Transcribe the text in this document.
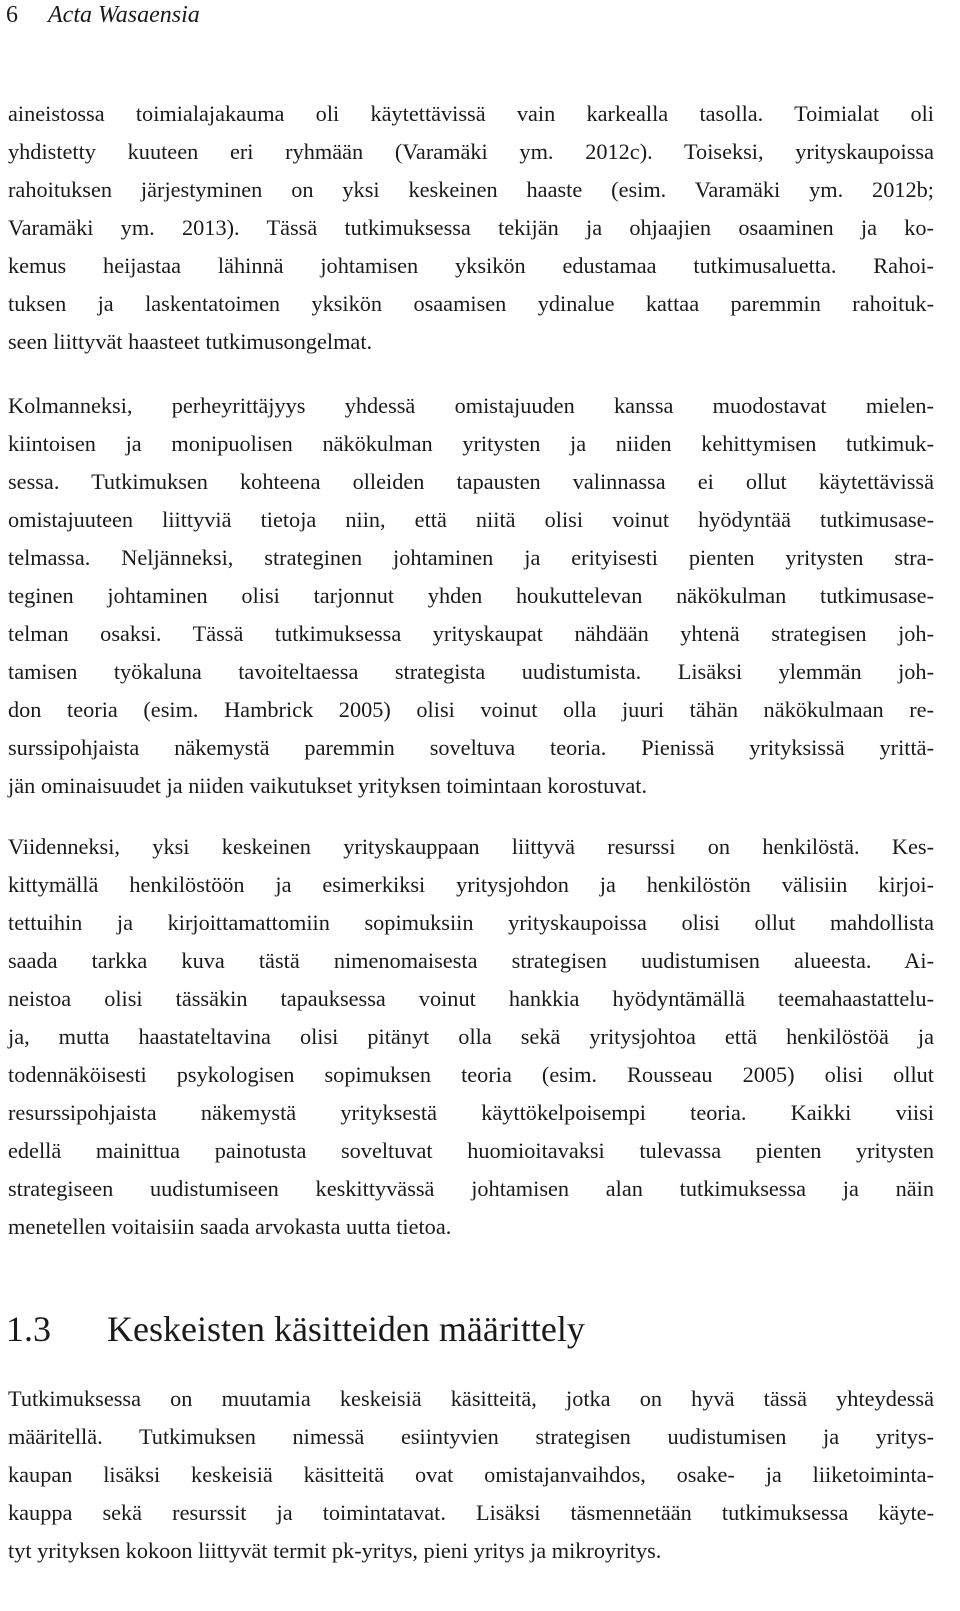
6 Acta Wasaensia
aineistossa toimialajakauma oli käytettävissä vain karkealla tasolla. Toimialat oli
yhdistetty kuuteen eri ryhmään (Varamäki ym. 2012c). Toiseksi, yrityskaupoissa
rahoituksen järjestyminen on yksi keskeinen haaste (esim. Varamäki ym. 2012b;
Varamäki ym. 2013). Tässä tutkimuksessa tekijän ja ohjaajien osaaminen ja ko-
kemus heijastaa lähinnä johtamisen yksikön edustamaa tutkimusaluetta. Rahoi-
tuksen ja laskentatoimen yksikön osaamisen ydinalue kattaa paremmin rahoituk-
seen liittyvät haasteet tutkimusongelmat.
Kolmanneksi, perheyrittäjyys yhdessä omistajuuden kanssa muodostavat mielen-
kiintoisen ja monipuolisen näkökulman yritysten ja niiden kehittymisen tutkimuk-
sessa. Tutkimuksen kohteena olleiden tapausten valinnassa ei ollut käytettävissä
omistajuuteen liittyviä tietoja niin, että niitä olisi voinut hyödyntää tutkimusase-
telmassa. Neljänneksi, strateginen johtaminen ja erityisesti pienten yritysten stra-
teginen johtaminen olisi tarjonnut yhden houkuttelevan näkökulman tutkimusase-
telman osaksi. Tässä tutkimuksessa yrityskaupat nähdään yhtenä strategisen joh-
tamisen työkaluna tavoiteltaessa strategista uudistumista. Lisäksi ylemmän joh-
don teoria (esim. Hambrick 2005) olisi voinut olla juuri tähän näkökulmaan re-
surssipohjaista näkemystä paremmin soveltuva teoria. Pienissä yrityksissä yrittä-
jän ominaisuudet ja niiden vaikutukset yrityksen toimintaan korostuvat.
Viidenneksi, yksi keskeinen yrityskauppaan liittyvä resurssi on henkilöstä. Kes-
kittymällä henkilöstöön ja esimerkiksi yritysjohdon ja henkilöstön välisiin kirjoi-
tettuihin ja kirjoittamattomiin sopimuksiin yrityskaupoissa olisi ollut mahdollista
saada tarkka kuva tästä nimenomaisesta strategisen uudistumisen alueesta. Ai-
neistoa olisi tässäkin tapauksessa voinut hankkia hyödyntämällä teemahaastattelu-
ja, mutta haastateltavina olisi pitänyt olla sekä yritysjohtoa että henkilöstöä ja
todennäköisesti psykologisen sopimuksen teoria (esim. Rousseau 2005) olisi ollut
resurssipohjaista näkemystä yrityksestä käyttökelpoisempi teoria. Kaikki viisi
edellä mainittua painotusta soveltuvat huomioitavaksi tulevassa pienten yritysten
strategiseen uudistumiseen keskittyvässä johtamisen alan tutkimuksessa ja näin
menetellen voitaisiin saada arvokasta uutta tietoa.
1.3 Keskeisten käsitteiden määrittely
Tutkimuksessa on muutamia keskeisiä käsitteitä, jotka on hyvä tässä yhteydessä
määritellä. Tutkimuksen nimessä esiintyvien strategisen uudistumisen ja yritys-
kaupan lisäksi keskeisiä käsitteitä ovat omistajanvaihdos, osake- ja liiketoiminta-
kauppa sekä resurssit ja toimintatavat. Lisäksi täsmennetään tutkimuksessa käyte-
tyt yrityksen kokoon liittyvät termit pk-yritys, pieni yritys ja mikroyritys.
